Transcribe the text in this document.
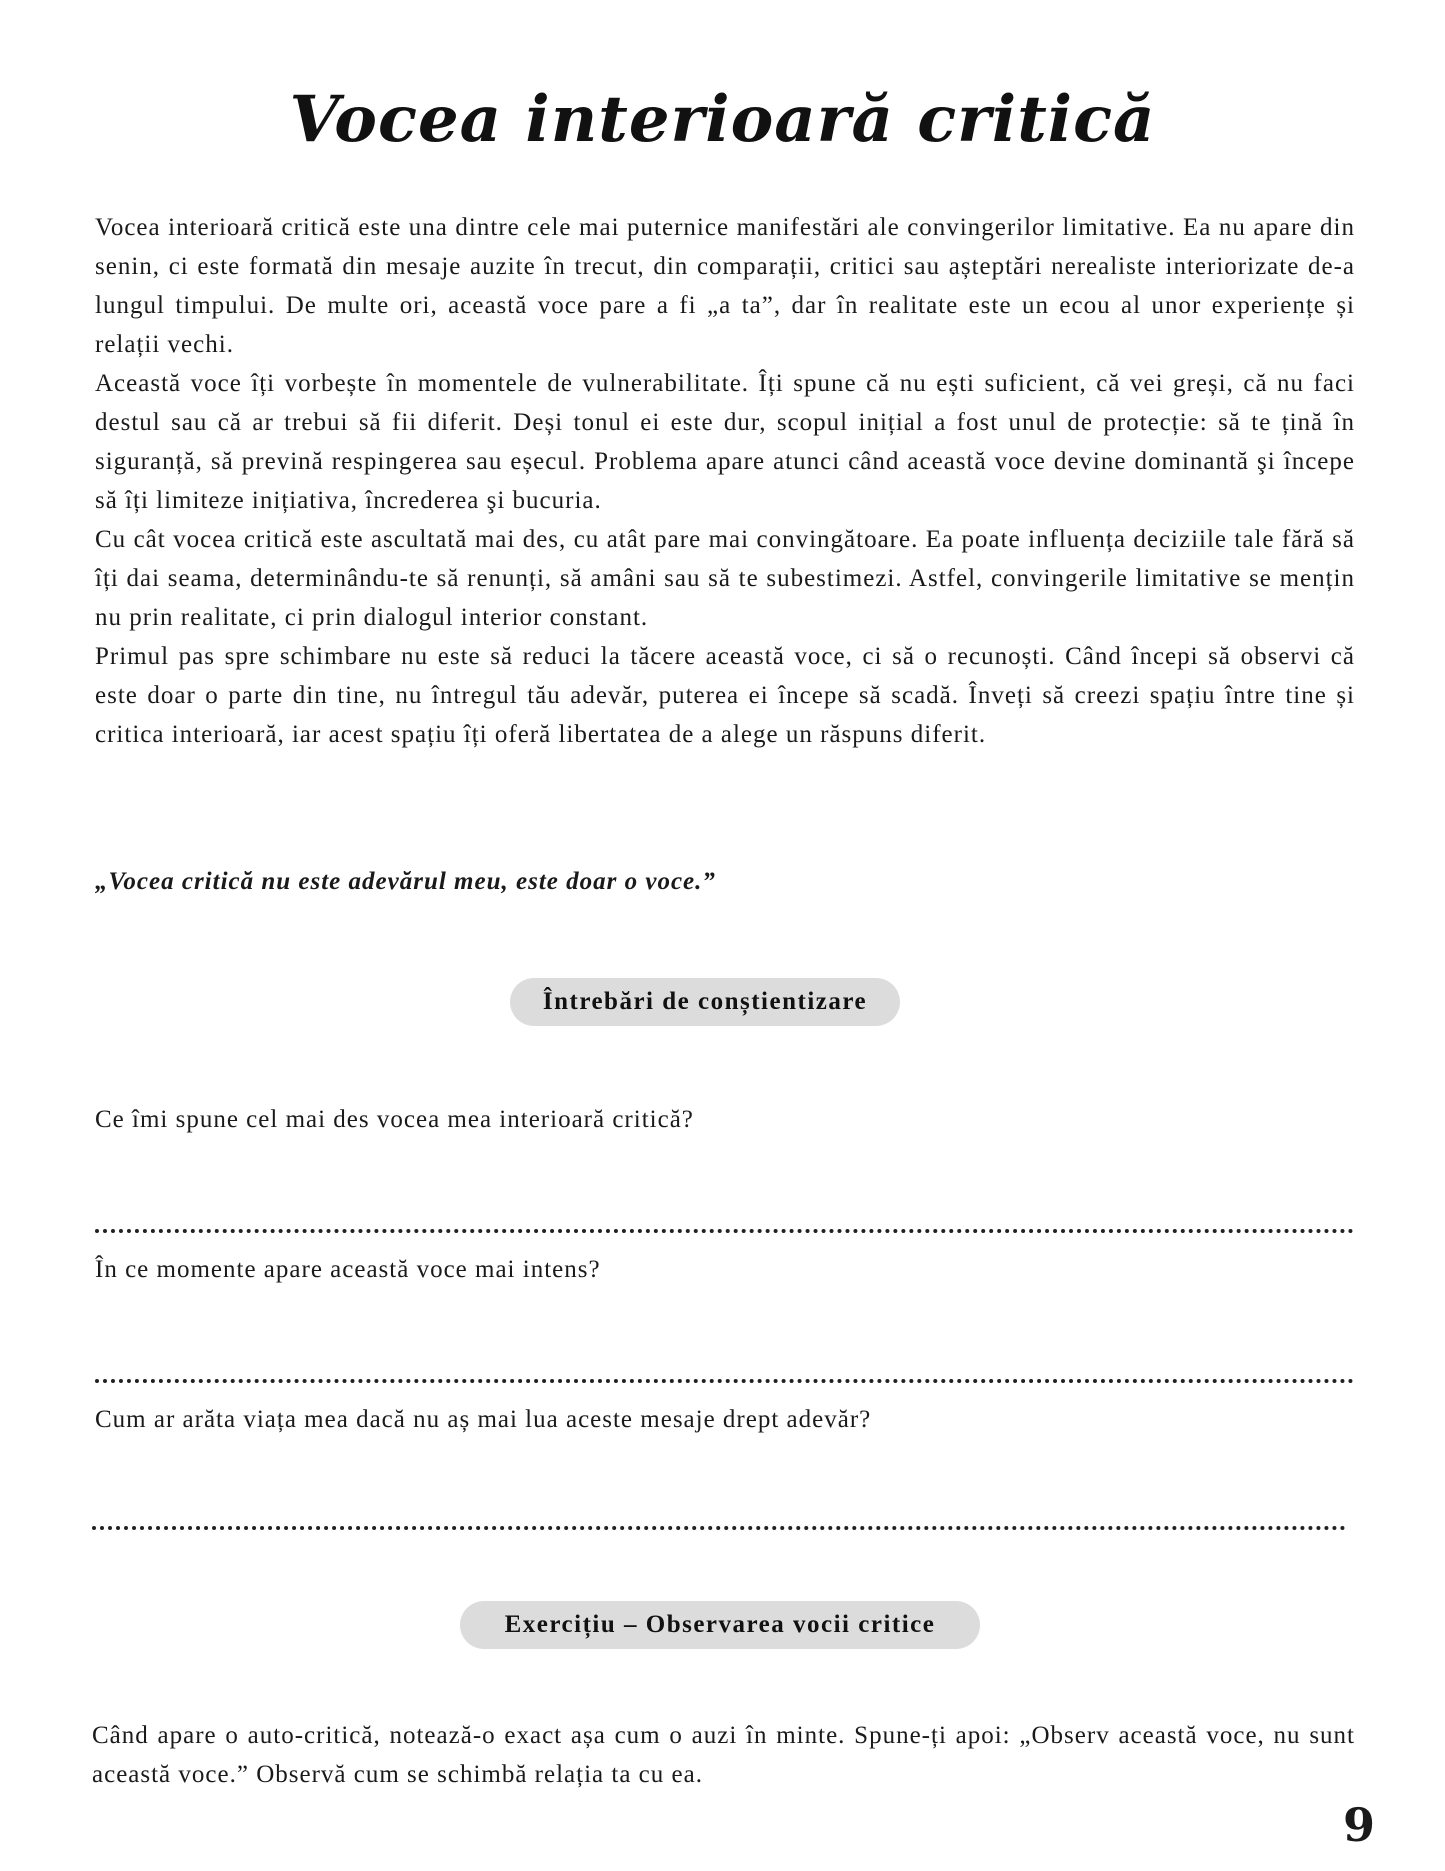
Vocea interioară critică

Vocea interioară critică este una dintre cele mai puternice manifestări ale convingerilor limitative. Ea nu apare din senin, ci este formată din mesaje auzite în trecut, din comparații, critici sau așteptări nerealiste interiorizate de-a lungul timpului. De multe ori, această voce pare a fi „a ta”, dar în realitate este un ecou al unor experiențe și relații vechi.

Această voce îți vorbește în momentele de vulnerabilitate. Îți spune că nu ești suficient, că vei greși, că nu faci destul sau că ar trebui să fii diferit. Deși tonul ei este dur, scopul inițial a fost unul de protecție: să te țină în siguranță, să prevină respingerea sau eșecul. Problema apare atunci când această voce devine dominantă şi începe să îți limiteze inițiativa, încrederea şi bucuria.

Cu cât vocea critică este ascultată mai des, cu atât pare mai convingătoare. Ea poate influența deciziile tale fără să îți dai seama, determinându-te să renunți, să amâni sau să te subestimezi. Astfel, convingerile limitative se mențin nu prin realitate, ci prin dialogul interior constant.

Primul pas spre schimbare nu este să reduci la tăcere această voce, ci să o recunoști. Când începi să observi că este doar o parte din tine, nu întregul tău adevăr, puterea ei începe să scadă. Înveți să creezi spațiu între tine și critica interioară, iar acest spațiu îți oferă libertatea de a alege un răspuns diferit.

„Vocea critică nu este adevărul meu, este doar o voce.”
Întrebări de conștientizare
Ce îmi spune cel mai des vocea mea interioară critică?
În ce momente apare această voce mai intens?
Cum ar arăta viața mea dacă nu aș mai lua aceste mesaje drept adevăr?
Exercițiu – Observarea vocii critice
Când apare o auto-critică, notează-o exact așa cum o auzi în minte. Spune-ți apoi: „Observ această voce, nu sunt această voce.” Observă cum se schimbă relația ta cu ea.
9
